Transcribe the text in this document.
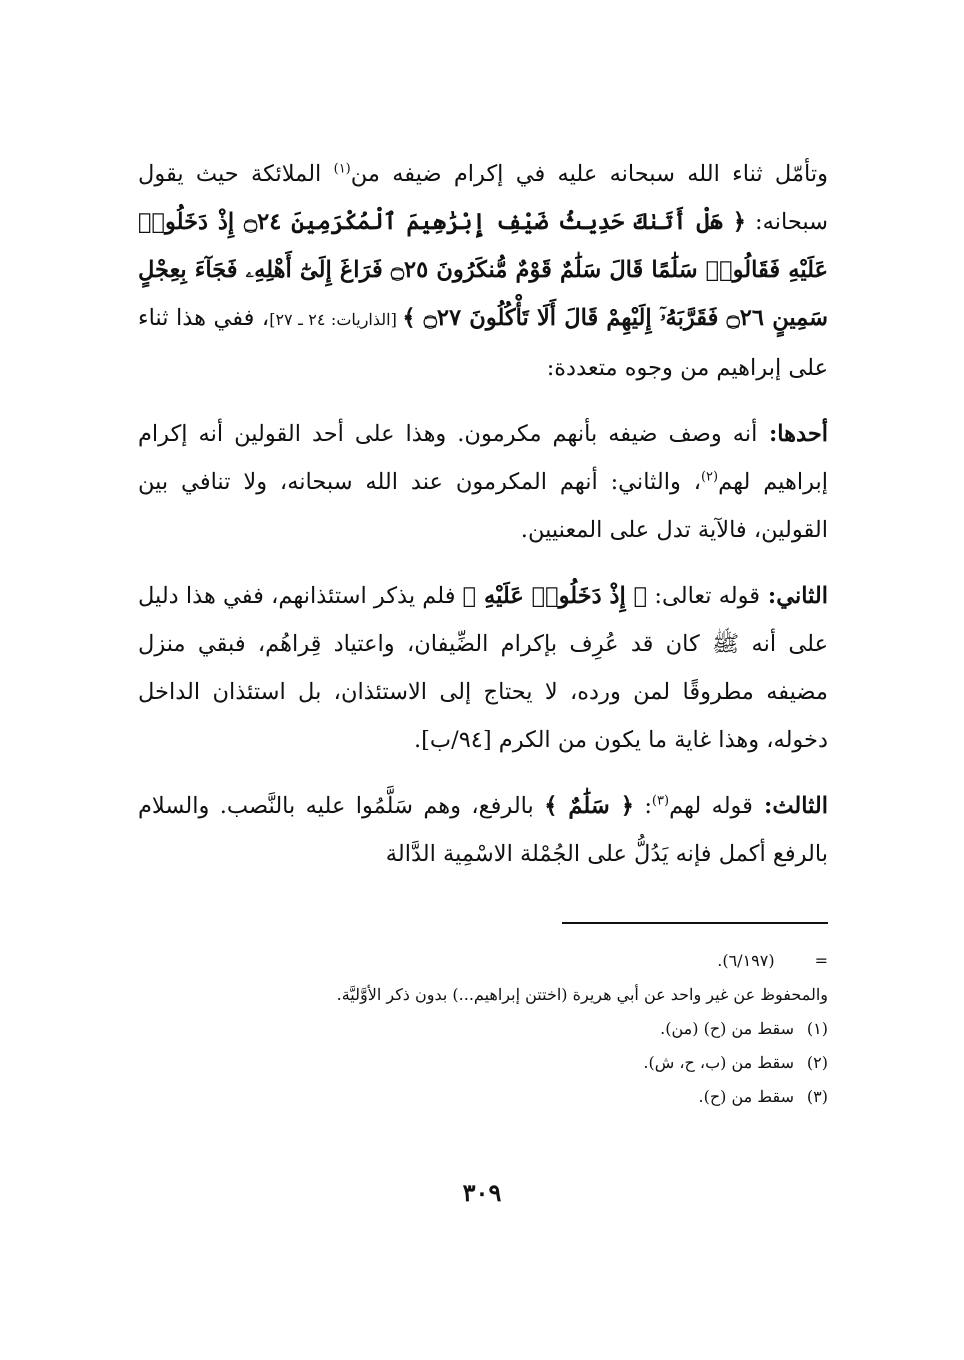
وتأمّل ثناء الله سبحانه عليه في إكرام ضيفه من$^{(١)}$ الملائكة حيث يقول سبحانه: ﴿ هَلْ أَتَىٰكَ حَدِيثُ ضَيْفِ إِبْرَٰهِيمَ ٱلْمُكْرَمِينَ ۝٢٤ إِذْ دَخَلُوا۟ عَلَيْهِ فَقَالُوا۟ سَلَٰمًا قَالَ سَلَٰمٌ قَوْمٌ مُّنكَرُونَ ۝٢٥ فَرَاغَ إِلَىٰٓ أَهْلِهِۦ فَجَآءَ بِعِجْلٍ سَمِينٍ ۝٢٦ فَقَرَّبَهُۥٓ إِلَيْهِمْ قَالَ أَلَا تَأْكُلُونَ ۝٢٧ ﴾ [الذاريات: ٢٤ ـ ٢٧]، ففي هذا ثناء على إبراهيم من وجوه متعددة:

أحدها: أنه وصف ضيفه بأنهم مكرمون. وهذا على أحد القولين أنه إكرام إبراهيم لهم$^{(٢)}$، والثاني: أنهم المكرمون عند الله سبحانه، ولا تنافي بين القولين، فالآية تدل على المعنيين.

الثاني: قوله تعالى: ﴿ إِذْ دَخَلُوا۟ عَلَيْهِ ﴾ فلم يذكر استئذانهم، ففي هذا دليل على أنه ﷺ كان قد عُرِف بإكرام الضِّيفان، واعتياد قِراهُم، فبقي منزل مضيفه مطروقًا لمن ورده، لا يحتاج إلى الاستئذان، بل استئذان الداخل دخوله، وهذا غاية ما يكون من الكرم [٩٤/ب].

الثالث: قوله لهم$^{(٣)}$: ﴿ سَلَٰمٌ ﴾ بالرفع، وهم سَلَّمُوا عليه بالنَّصب. والسلام بالرفع أكمل فإنه يَدُلُّ على الجُمْلة الاسْمِية الدَّالة

=
(٦/١٩٧).

والمحفوظ عن غير واحد عن أبي هريرة (اختتن إبراهيم...) بدون ذكر الأوَّليَّة.

(١)سقط من (ح) (من).

(٢)سقط من (ب، ح، ش).

(٣)سقط من (ح).

٣٠٩
